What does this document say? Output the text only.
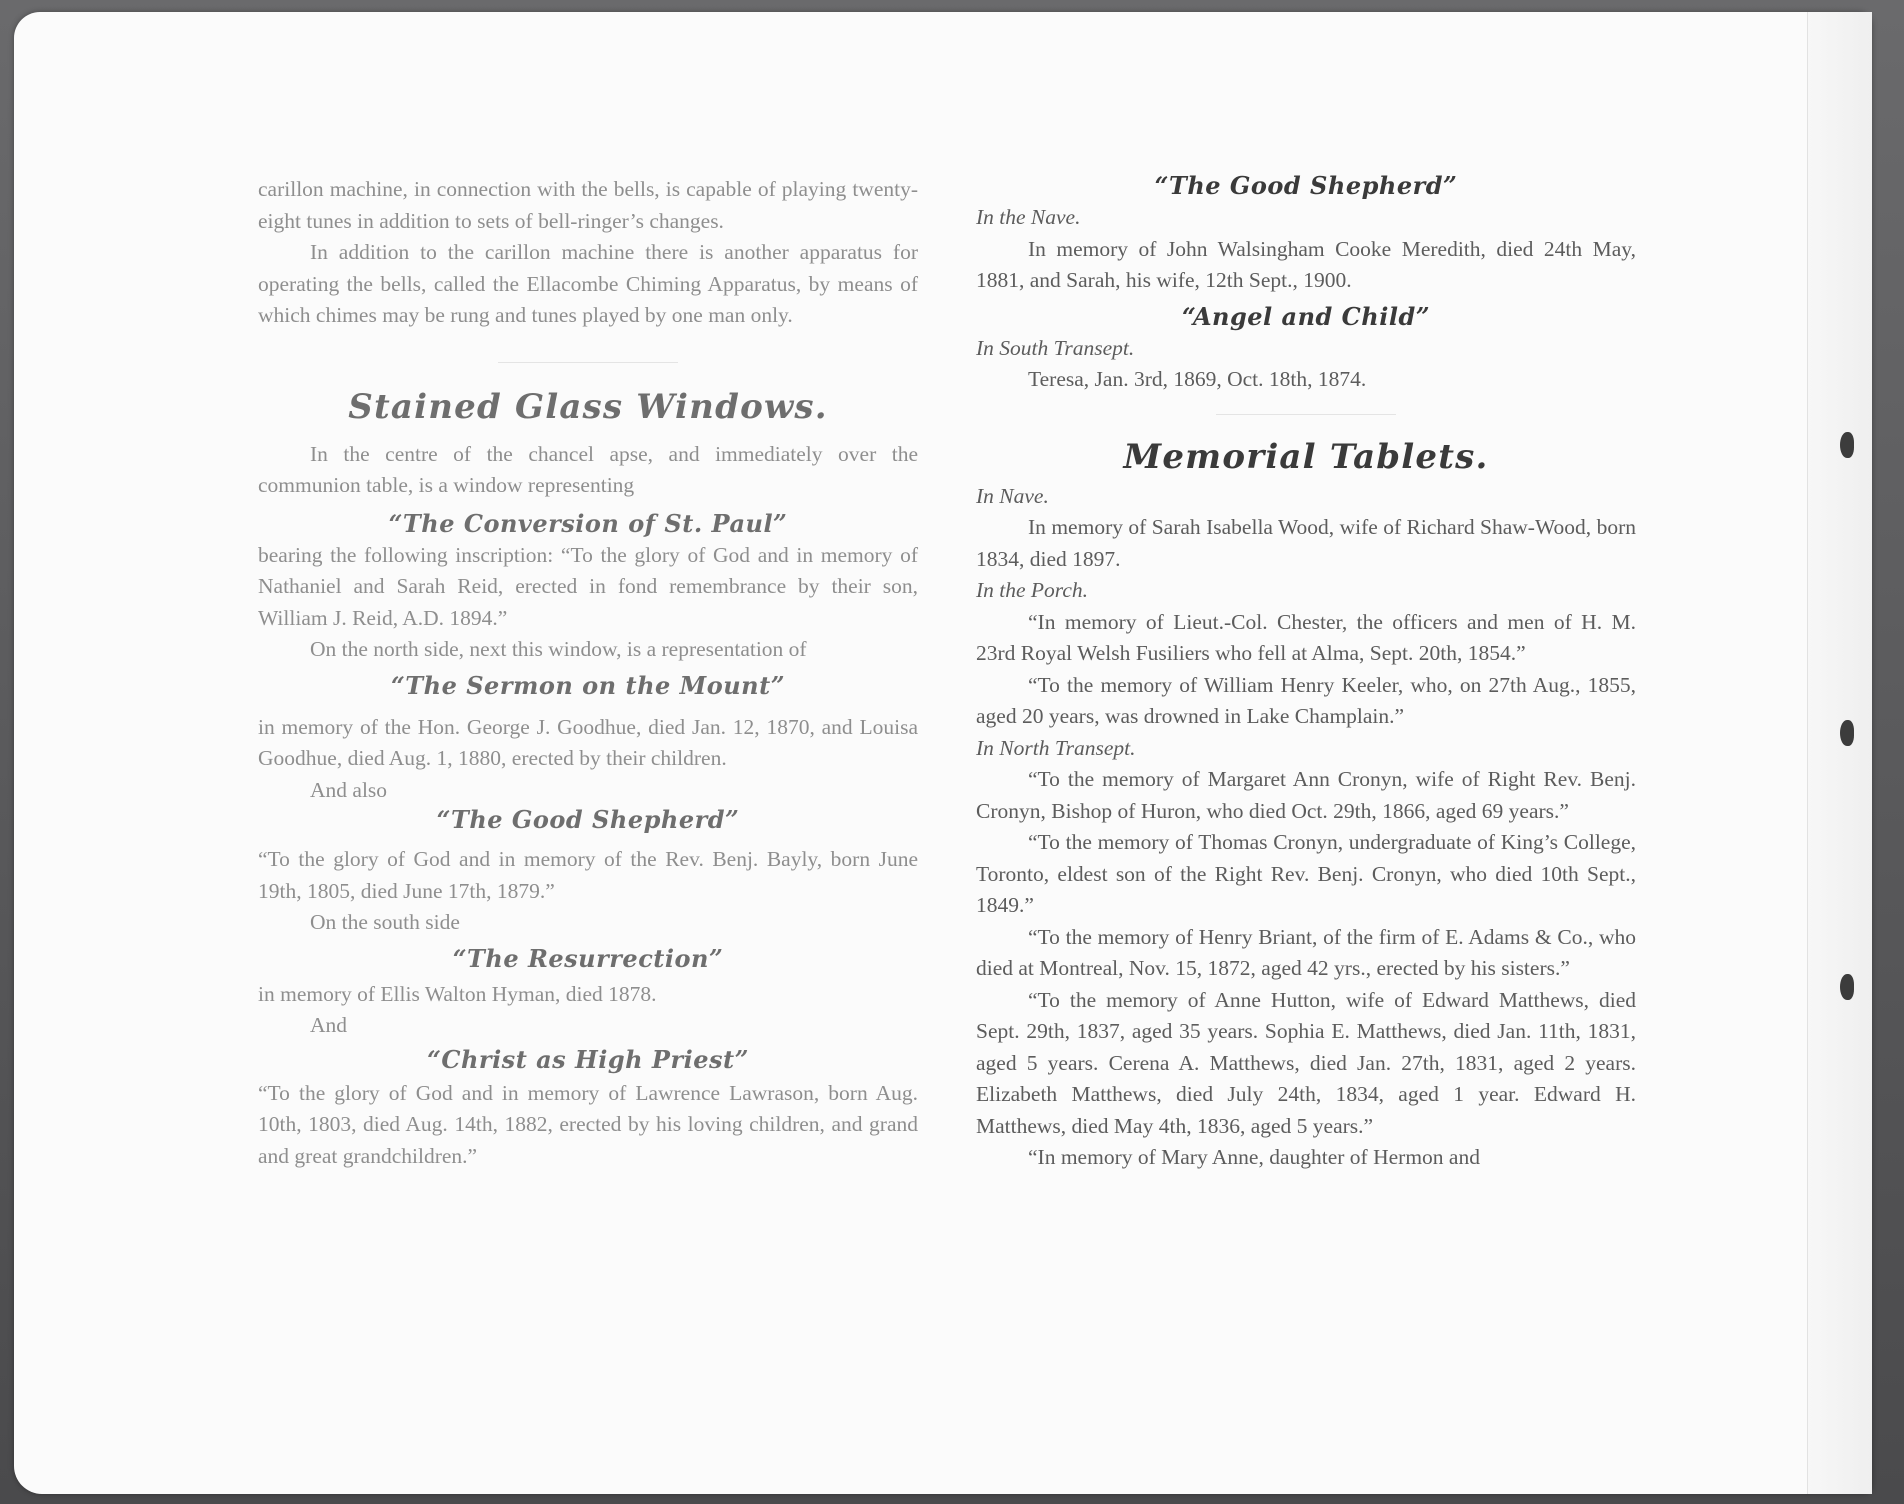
carillon machine, in connection with the bells, is capable of playing twenty-eight tunes in addition to sets of bell-ringer’s changes.

In addition to the carillon machine there is another apparatus for operating the bells, called the Ellacombe Chiming Apparatus, by means of which chimes may be rung and tunes played by one man only.

Stained Glass Windows.

In the centre of the chancel apse, and immediately over the communion table, is a window representing

“The Conversion of St. Paul”

bearing the following inscription: “To the glory of God and in memory of Nathaniel and Sarah Reid, erected in fond remembrance by their son, William J. Reid, A.D. 1894.”

On the north side, next this window, is a representation of

“The Sermon on the Mount”

in memory of the Hon. George J. Goodhue, died Jan. 12, 1870, and Louisa Goodhue, died Aug. 1, 1880, erected by their children.

And also

“The Good Shepherd”

“To the glory of God and in memory of the Rev. Benj. Bayly, born June 19th, 1805, died June 17th, 1879.”

On the south side

“The Resurrection”

in memory of Ellis Walton Hyman, died 1878.

And

“Christ as High Priest”

“To the glory of God and in memory of Lawrence Lawrason, born Aug. 10th, 1803, died Aug. 14th, 1882, erected by his loving children, and grand and great grandchildren.”

“The Good Shepherd”

In the Nave.

In memory of John Walsingham Cooke Meredith, died 24th May, 1881, and Sarah, his wife, 12th Sept., 1900.

“Angel and Child”

In South Transept.

Teresa, Jan. 3rd, 1869, Oct. 18th, 1874.

Memorial Tablets.

In Nave.

In memory of Sarah Isabella Wood, wife of Richard Shaw-Wood, born 1834, died 1897.

In the Porch.

“In memory of Lieut.-Col. Chester, the officers and men of H. M. 23rd Royal Welsh Fusiliers who fell at Alma, Sept. 20th, 1854.”

“To the memory of William Henry Keeler, who, on 27th Aug., 1855, aged 20 years, was drowned in Lake Champlain.”

In North Transept.

“To the memory of Margaret Ann Cronyn, wife of Right Rev. Benj. Cronyn, Bishop of Huron, who died Oct. 29th, 1866, aged 69 years.”

“To the memory of Thomas Cronyn, undergraduate of King’s College, Toronto, eldest son of the Right Rev. Benj. Cronyn, who died 10th Sept., 1849.”

“To the memory of Henry Briant, of the firm of E. Adams & Co., who died at Montreal, Nov. 15, 1872, aged 42 yrs., erected by his sisters.”

“To the memory of Anne Hutton, wife of Edward Matthews, died Sept. 29th, 1837, aged 35 years. Sophia E. Matthews, died Jan. 11th, 1831, aged 5 years. Cerena A. Matthews, died Jan. 27th, 1831, aged 2 years. Elizabeth Matthews, died July 24th, 1834, aged 1 year. Edward H. Matthews, died May 4th, 1836, aged 5 years.”

“In memory of Mary Anne, daughter of Hermon and
